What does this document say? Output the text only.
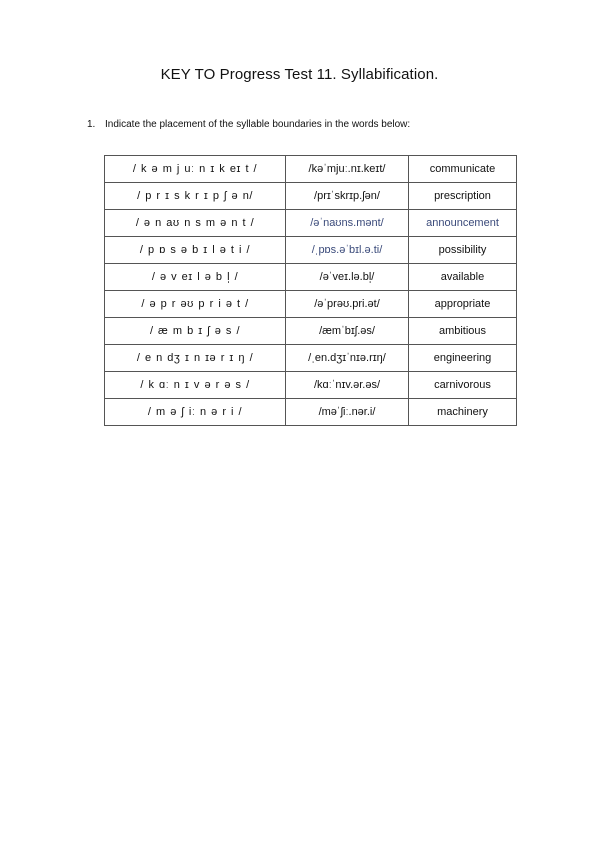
KEY TO Progress Test 11. Syllabification.
1. Indicate the placement of the syllable boundaries in the words below:
/ k ə m j uː n ɪ k eɪ t /	/kəˈmjuː.nɪ.keɪt/	communicate
/ p r ɪ s k r ɪ p ʃ ə n/	/prɪˈskrɪp.ʃən/	prescription
/ ə n aʊ n s m ə n t /	/əˈnaʊns.mənt/	announcement
/ p ɒ s ə b ɪ l ə t i /	/ˌpɒs.əˈbɪl.ə.ti/	possibility
/ ə v eɪ l ə b l̩ /	/əˈveɪ.lə.bl̩/	available
/ ə p r əʊ p r i ə t /	/əˈprəʊ.pri.ət/	appropriate
/ æ m b ɪ ʃ ə s /	/æmˈbɪʃ.əs/	ambitious
/ e n dʒ ɪ n ɪə r ɪ ŋ /	/ˌen.dʒɪˈnɪə.rɪŋ/	engineering
/ k ɑː n ɪ v ə r ə s /	/kɑːˈnɪv.ər.əs/	carnivorous
/ m ə ʃ iː n ə r i /	/məˈʃiː.nər.i/	machinery
